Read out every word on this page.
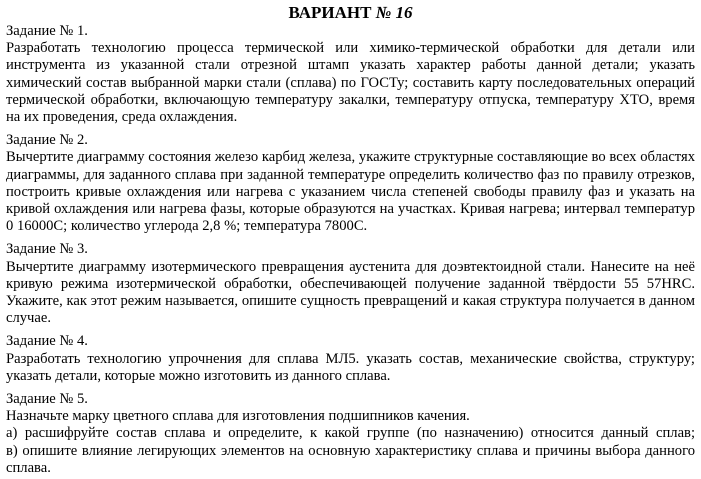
ВАРИАНТ № 16
Задание № 1.
Разработать технологию процесса термической или химико-термической обработки для детали или инструмента из указанной стали отрезной штамп указать характер работы данной детали; указать химический состав выбранной марки стали (сплава) по ГОСТу; составить карту последовательных операций термической обработки, включающую температуру закалки, температуру отпуска, температуру ХТО, время на их проведения, среда охлаждения.
Задание № 2.
Вычертите диаграмму состояния железо карбид железа, укажите структурные составляющие во всех областях диаграммы, для заданного сплава при заданной температуре определить количество фаз по правилу отрезков, построить кривые охлаждения или нагрева с указанием числа степеней свободы правилу фаз и указать на кривой охлаждения или нагрева фазы, которые образуются на участках. Кривая нагрева; интервал температур 0 16000С; количество углерода 2,8 %; температура 7800С.
Задание № 3.
Вычертите диаграмму изотермического превращения аустенита для доэвтектоидной стали. Нанесите на неё кривую режима изотермической обработки, обеспечивающей получение заданной твёрдости 55 57HRC. Укажите, как этот режим называется, опишите сущность превращений и какая структура получается в данном случае.
Задание № 4.
Разработать технологию упрочнения для сплава МЛ5. указать состав, механические свойства, структуру; указать детали, которые можно изготовить из данного сплава.
Задание № 5.
Назначьте марку цветного сплава для изготовления подшипников качения.
а) расшифруйте состав сплава и определите, к какой группе (по назначению) относится данный сплав;
в) опишите влияние легирующих элементов на основную характеристику сплава и причины выбора данного сплава.
